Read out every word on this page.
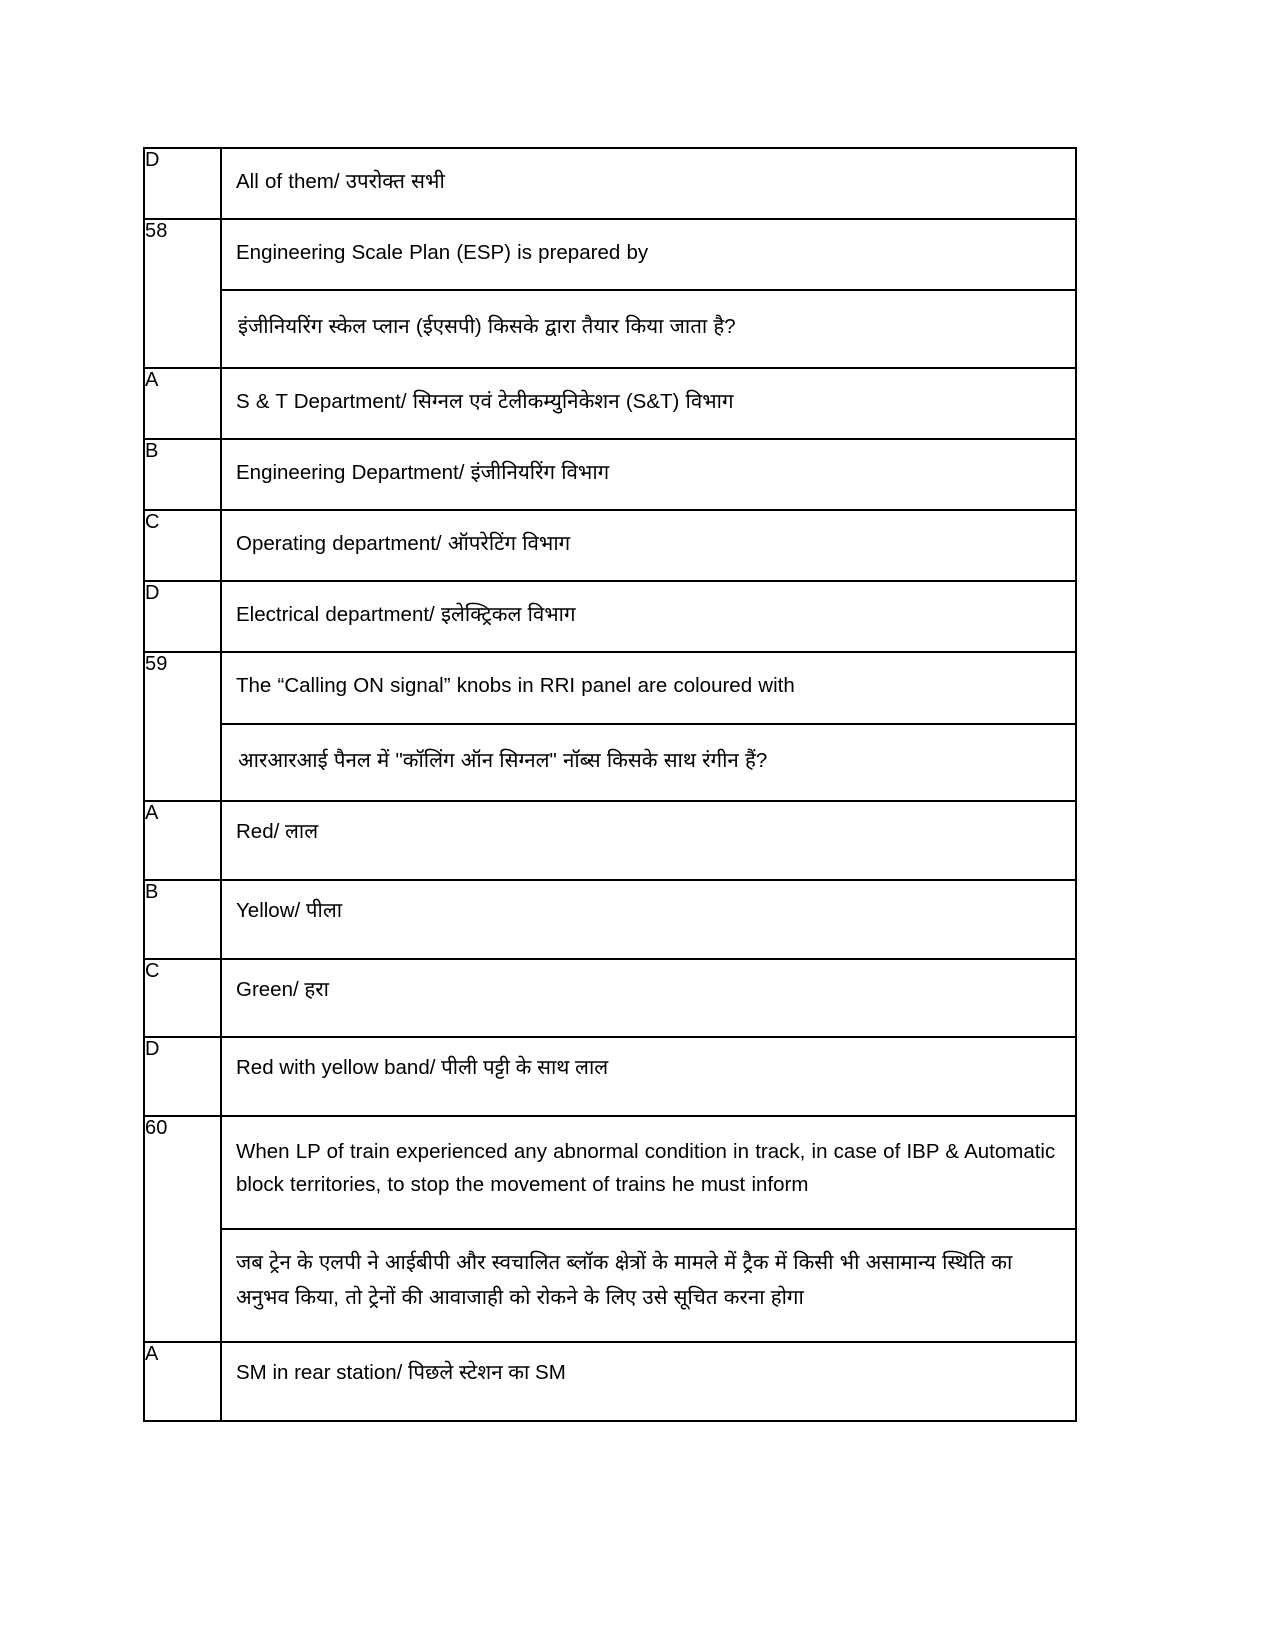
D	All of them/ उपरोक्त सभी

58	Engineering Scale Plan (ESP) is prepared by
इंजीनियरिंग स्केल प्लान (ईएसपी) किसके द्वारा तैयार किया जाता है?

A	S & T Department/ सिग्नल एवं टेलीकम्युनिकेशन (S&T) विभाग

B	Engineering Department/ इंजीनियरिंग विभाग

C	Operating department/ ऑपरेटिंग विभाग

D	Electrical department/ इलेक्ट्रिकल विभाग

59	The “Calling ON signal” knobs in RRI panel are coloured with
आरआरआई पैनल में "कॉलिंग ऑन सिग्नल" नॉब्स किसके साथ रंगीन हैं?

A	Red/ लाल

B	Yellow/ पीला

C	Green/ हरा

D	Red with yellow band/ पीली पट्टी के साथ लाल

60	When LP of train experienced any abnormal condition in track, in case of IBP & Automatic block territories, to stop the movement of trains he must inform
जब ट्रेन के एलपी ने आईबीपी और स्वचालित ब्लॉक क्षेत्रों के मामले में ट्रैक में किसी भी असामान्य स्थिति का अनुभव किया, तो ट्रेनों की आवाजाही को रोकने के लिए उसे सूचित करना होगा

A	SM in rear station/ पिछले स्टेशन का SM
